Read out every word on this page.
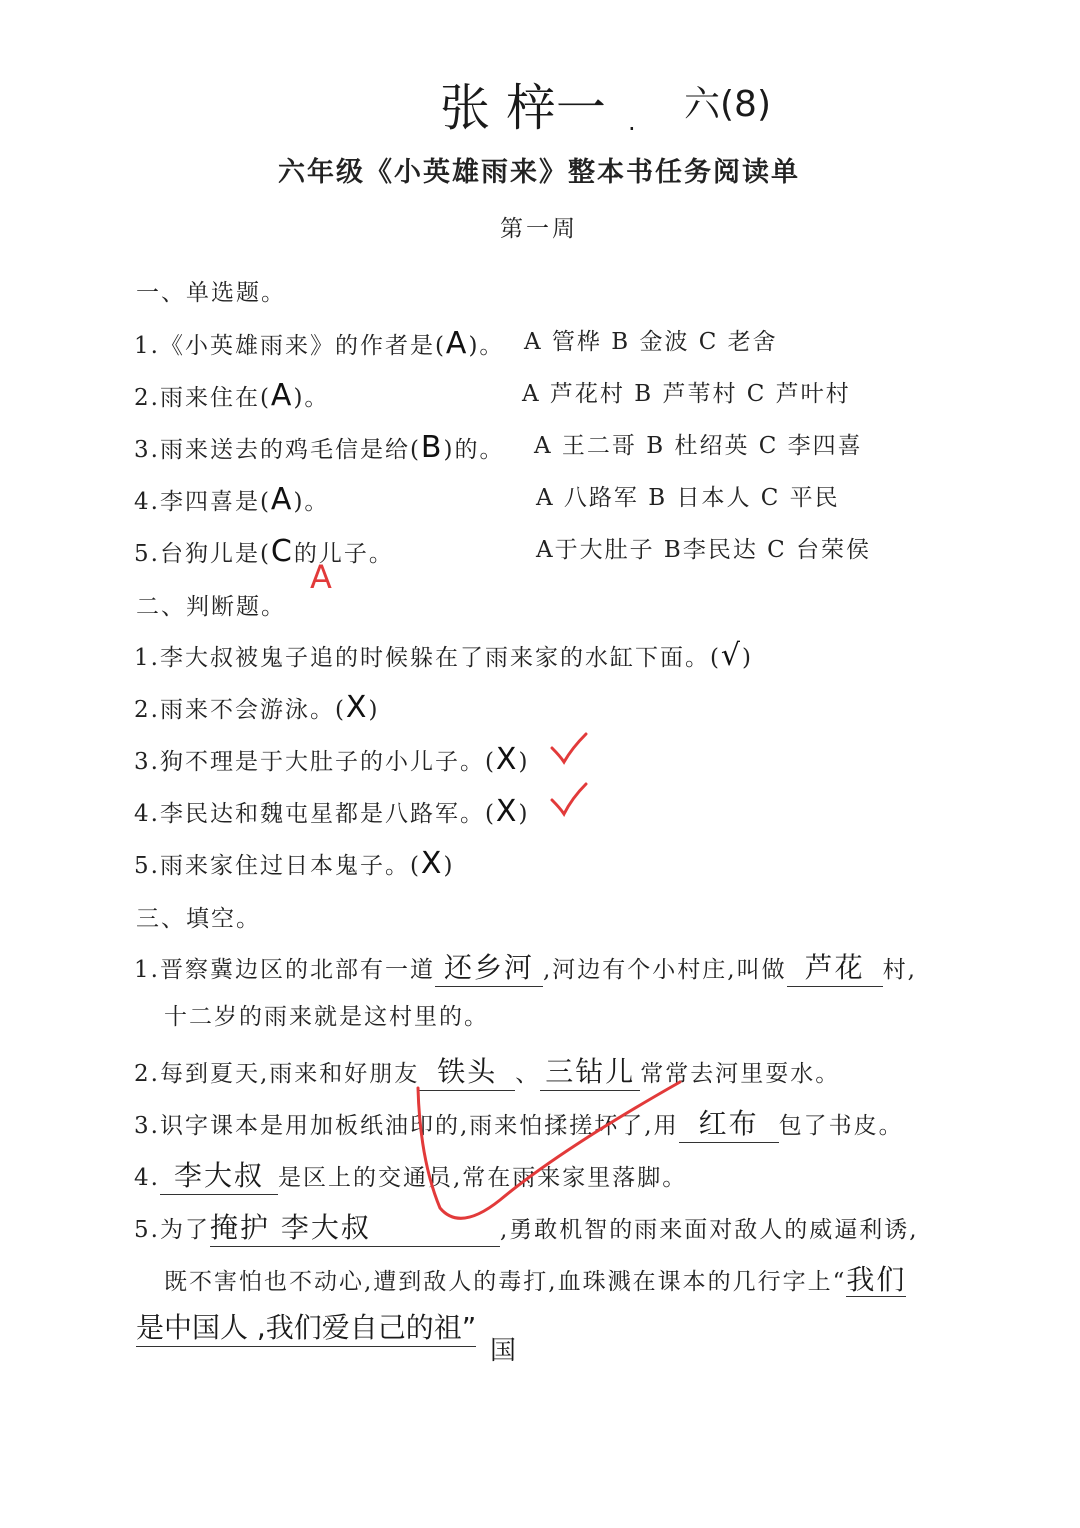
张 梓一 . 六(8)
六年级《小英雄雨来》整本书任务阅读单
第一周
一、单选题。
1.《小英雄雨来》的作者是(A)。 A 管桦 B 金波 C 老舍
2.雨来住在(A)。	A 芦花村 B 芦苇村 C 芦叶村
3.雨来送去的鸡毛信是给(B)的。 A 王二哥 B 杜绍英 C 李四喜
4.李四喜是(A)。	A 八路军 B 日本人 C 平民
5.台狗儿是(C的儿子。	A于大肚子 B李民达 C 台荣侯
A
二、判断题。
1.李大叔被鬼子追的时候躲在了雨来家的水缸下面。(√)
2.雨来不会游泳。(X)
3.狗不理是于大肚子的小儿子。(X)
4.李民达和魏屯星都是八路军。(X)
5.雨来家住过日本鬼子。(X)
三、填空。
1.晋察冀边区的北部有一道 还乡河 ,河边有个小村庄,叫做 芦花 村,
十二岁的雨来就是这村里的。
2.每到夏天,雨来和好朋友 铁头 、 三钻儿 常常去河里耍水。
3.识字课本是用加板纸油印的,雨来怕揉搓坏了,用 红布 包了书皮。
4. 李大叔 是区上的交通员,常在雨来家里落脚。
5.为了掩护 李大叔	,勇敢机智的雨来面对敌人的威逼利诱,
既不害怕也不动心,遭到敌人的毒打,血珠溅在课本的几行字上“我们
是中国人 ,我们爱自己的祖”
国
